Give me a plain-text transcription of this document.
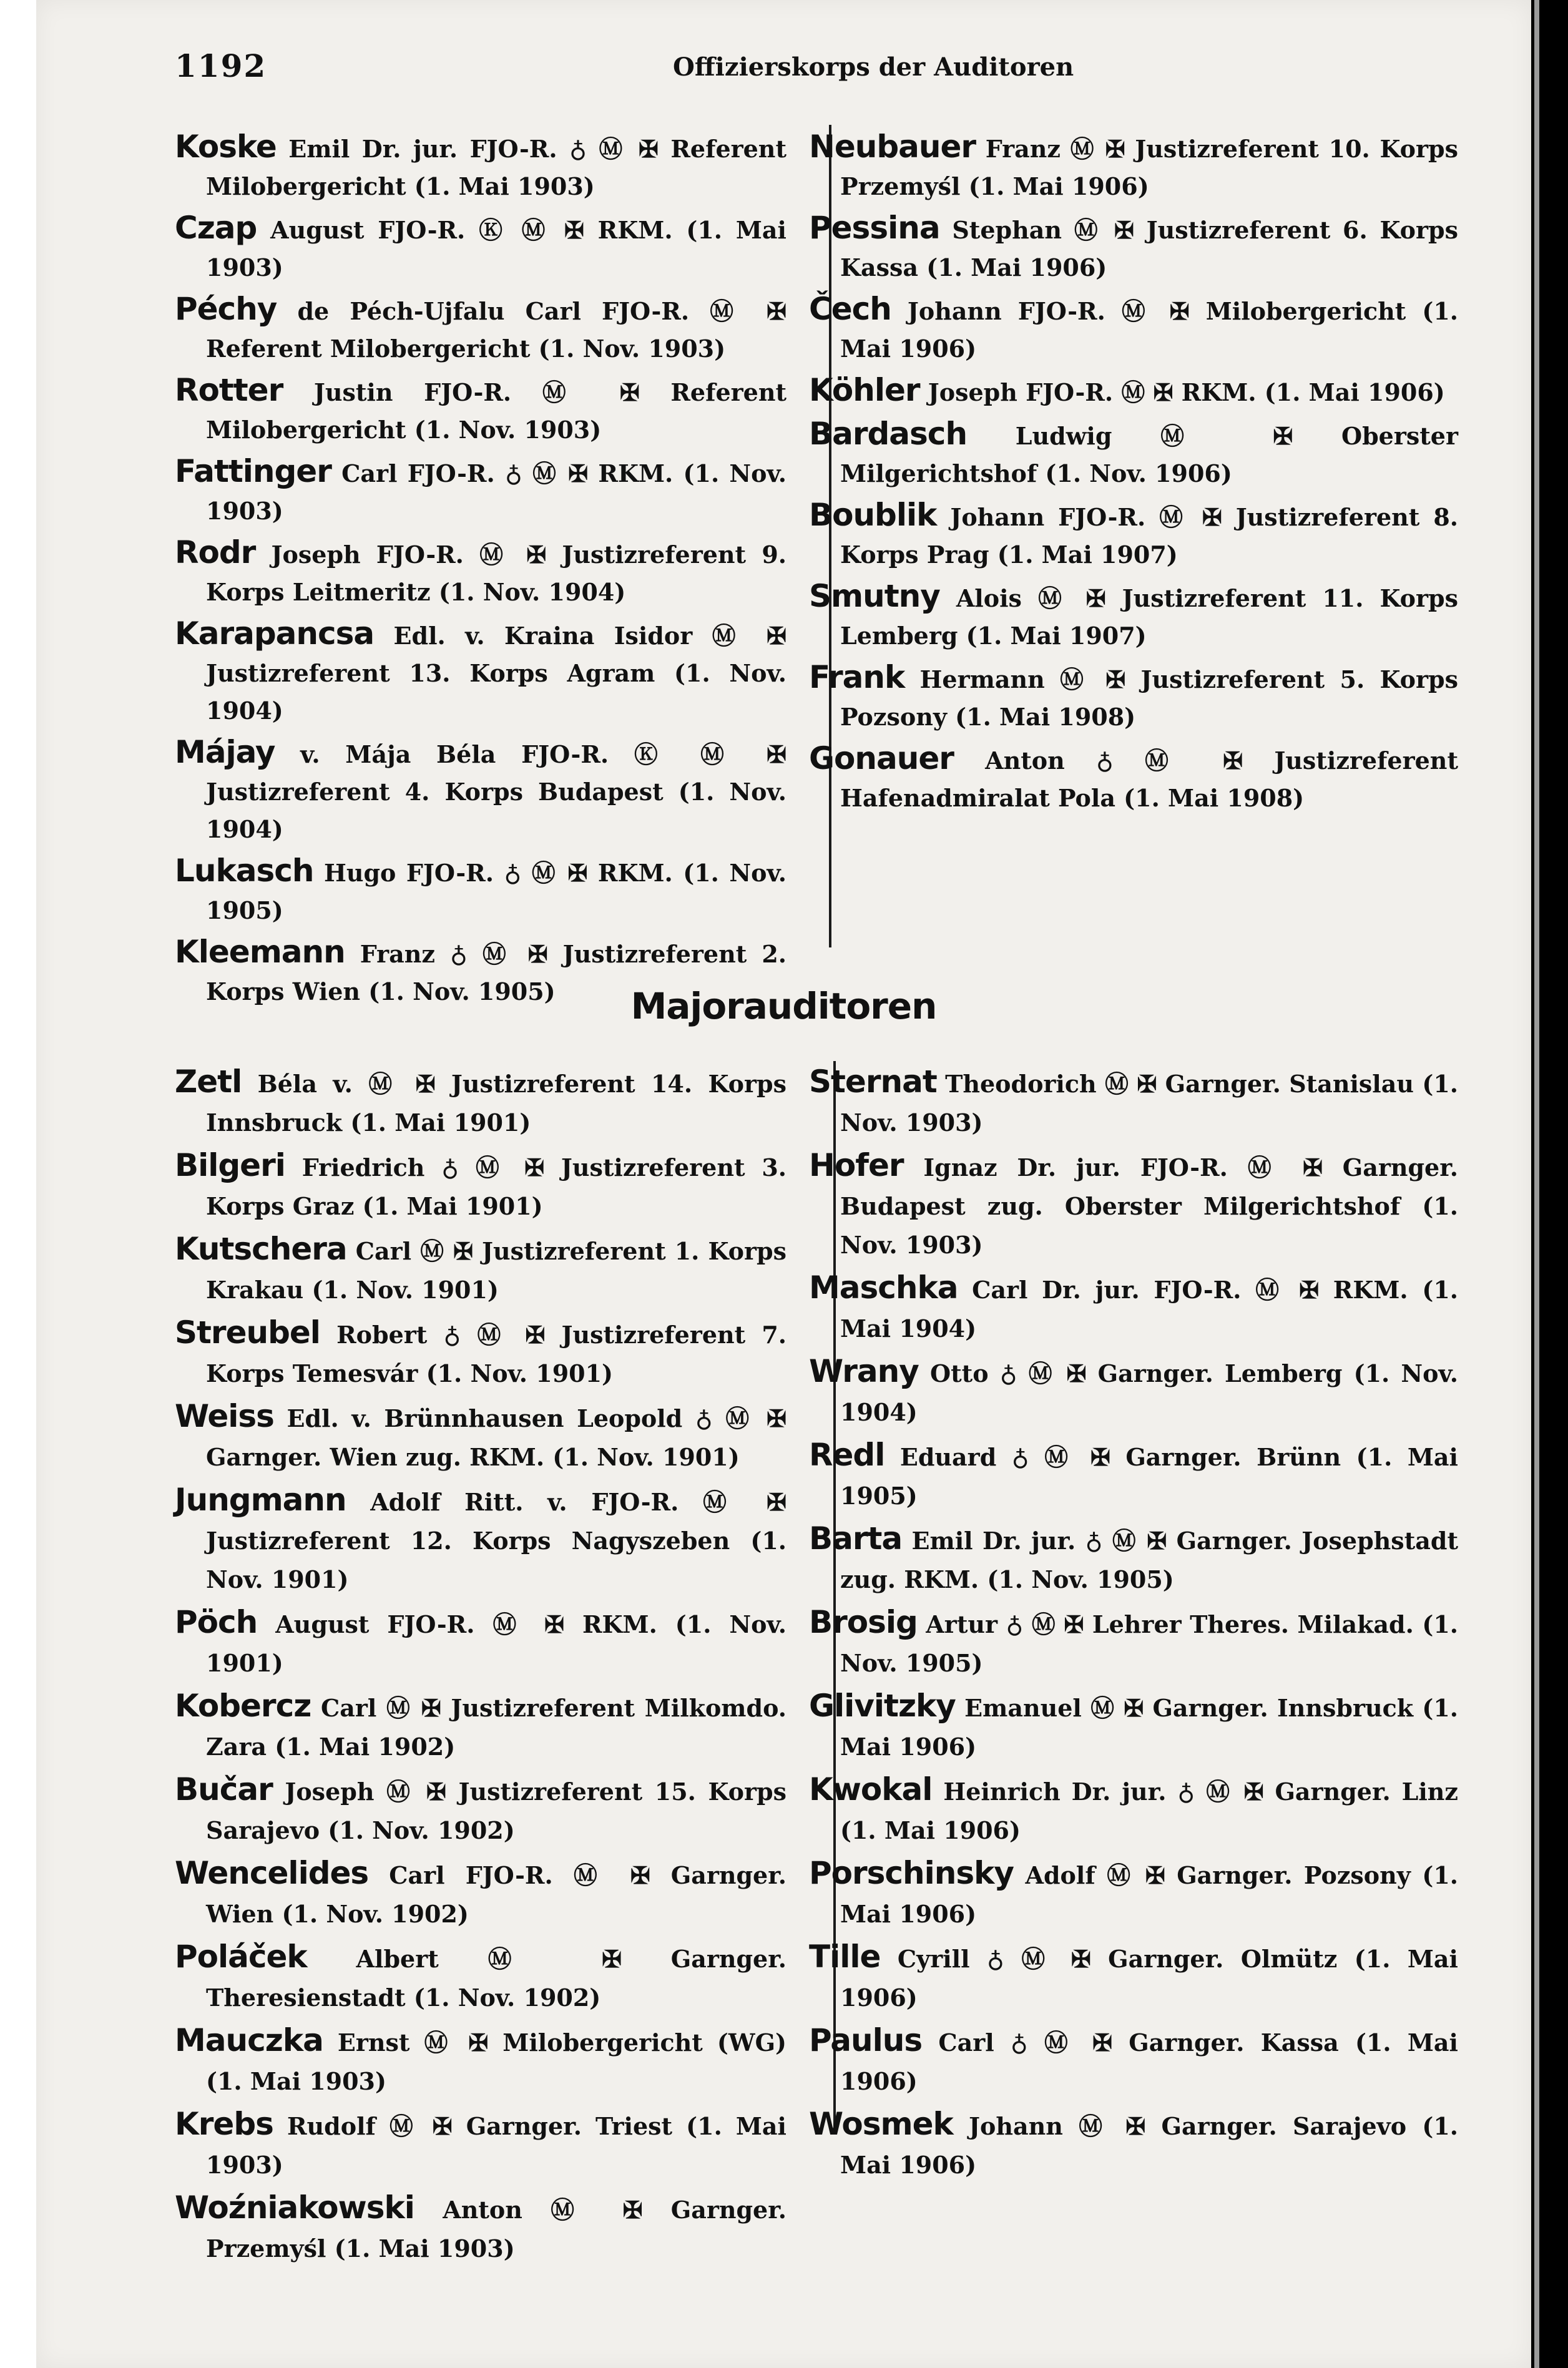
1192	Offizierskorps der Auditoren
Koske Emil Dr. jur. FJO-R. ♁ Ⓜ ✠ Referent Milobergericht (1. Mai 1903)
Czap August FJO-R. Ⓚ Ⓜ ✠ RKM. (1. Mai 1903)
Péchy de Péch-Ujfalu Carl FJO-R. Ⓜ ✠ Referent Milobergericht (1. Nov. 1903)
Rotter Justin FJO-R. Ⓜ ✠ Referent Milobergericht (1. Nov. 1903)
Fattinger Carl FJO-R. ♁ Ⓜ ✠ RKM. (1. Nov. 1903)
Rodr Joseph FJO-R. Ⓜ ✠ Justizreferent 9. Korps Leitmeritz (1. Nov. 1904)
Karapancsa Edl. v. Kraina Isidor Ⓜ ✠ Justizreferent 13. Korps Agram (1. Nov. 1904)
Májay v. Mája Béla FJO-R. Ⓚ Ⓜ ✠ Justizreferent 4. Korps Budapest (1. Nov. 1904)
Lukasch Hugo FJO-R. ♁ Ⓜ ✠ RKM. (1. Nov. 1905)
Kleemann Franz ♁ Ⓜ ✠ Justizreferent 2. Korps Wien (1. Nov. 1905)
Neubauer Franz Ⓜ ✠ Justizreferent 10. Korps Przemyśl (1. Mai 1906)
Pessina Stephan Ⓜ ✠ Justizreferent 6. Korps Kassa (1. Mai 1906)
Čech Johann FJO-R. Ⓜ ✠ Milobergericht (1. Mai 1906)
Köhler Joseph FJO-R. Ⓜ ✠ RKM. (1. Mai 1906)
Bardasch Ludwig Ⓜ ✠ Oberster Milgerichtshof (1. Nov. 1906)
Boublik Johann FJO-R. Ⓜ ✠ Justizreferent 8. Korps Prag (1. Mai 1907)
Smutny Alois Ⓜ ✠ Justizreferent 11. Korps Lemberg (1. Mai 1907)
Frank Hermann Ⓜ ✠ Justizreferent 5. Korps Pozsony (1. Mai 1908)
Gonauer Anton ♁ Ⓜ ✠ Justizreferent Hafenadmiralat Pola (1. Mai 1908)
Majorauditoren
Zetl Béla v. Ⓜ ✠ Justizreferent 14. Korps Innsbruck (1. Mai 1901)
Bilgeri Friedrich ♁ Ⓜ ✠ Justizreferent 3. Korps Graz (1. Mai 1901)
Kutschera Carl Ⓜ ✠ Justizreferent 1. Korps Krakau (1. Nov. 1901)
Streubel Robert ♁ Ⓜ ✠ Justizreferent 7. Korps Temesvár (1. Nov. 1901)
Weiss Edl. v. Brünnhausen Leopold ♁ Ⓜ ✠ Garnger. Wien zug. RKM. (1. Nov. 1901)
Jungmann Adolf Ritt. v. FJO-R. Ⓜ ✠ Justizreferent 12. Korps Nagyszeben (1. Nov. 1901)
Pöch August FJO-R. Ⓜ ✠ RKM. (1. Nov. 1901)
Kobercz Carl Ⓜ ✠ Justizreferent Milkomdo. Zara (1. Mai 1902)
Bučar Joseph Ⓜ ✠ Justizreferent 15. Korps Sarajevo (1. Nov. 1902)
Wencelides Carl FJO-R. Ⓜ ✠ Garnger. Wien (1. Nov. 1902)
Poláček Albert Ⓜ ✠ Garnger. Theresienstadt (1. Nov. 1902)
Mauczka Ernst Ⓜ ✠ Milobergericht (WG) (1. Mai 1903)
Krebs Rudolf Ⓜ ✠ Garnger. Triest (1. Mai 1903)
Woźniakowski Anton Ⓜ ✠ Garnger. Przemyśl (1. Mai 1903)
Sternat Theodorich Ⓜ ✠ Garnger. Stanislau (1. Nov. 1903)
Hofer Ignaz Dr. jur. FJO-R. Ⓜ ✠ Garnger. Budapest zug. Oberster Milgerichtshof (1. Nov. 1903)
Maschka Carl Dr. jur. FJO-R. Ⓜ ✠ RKM. (1. Mai 1904)
Wrany Otto ♁ Ⓜ ✠ Garnger. Lemberg (1. Nov. 1904)
Redl Eduard ♁ Ⓜ ✠ Garnger. Brünn (1. Mai 1905)
Barta Emil Dr. jur. ♁ Ⓜ ✠ Garnger. Josephstadt zug. RKM. (1. Nov. 1905)
Brosig Artur ♁ Ⓜ ✠ Lehrer Theres. Milakad. (1. Nov. 1905)
Glivitzky Emanuel Ⓜ ✠ Garnger. Innsbruck (1. Mai 1906)
Kwokal Heinrich Dr. jur. ♁ Ⓜ ✠ Garnger. Linz (1. Mai 1906)
Porschinsky Adolf Ⓜ ✠ Garnger. Pozsony (1. Mai 1906)
Tille Cyrill ♁ Ⓜ ✠ Garnger. Olmütz (1. Mai 1906)
Paulus Carl ♁ Ⓜ ✠ Garnger. Kassa (1. Mai 1906)
Wosmek Johann Ⓜ ✠ Garnger. Sarajevo (1. Mai 1906)
